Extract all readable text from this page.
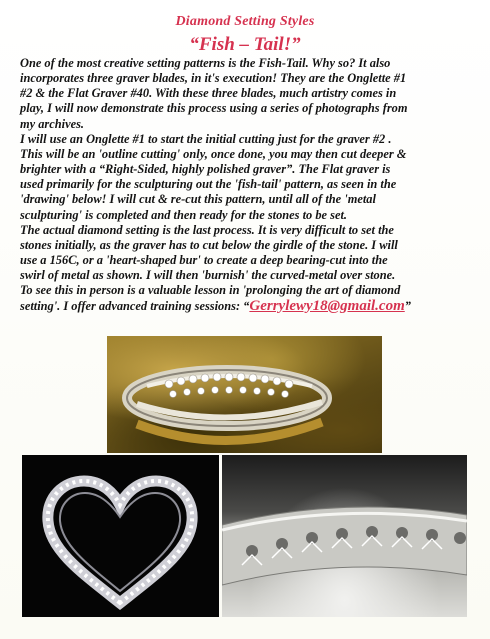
Diamond Setting Styles
“Fish – Tail!”
One of the most creative setting patterns is the Fish-Tail. Why so? It also
incorporates three graver blades, in it's execution! They are the Onglette #1
#2 & the Flat Graver #40. With these three blades, much artistry comes in
play, I will now demonstrate this process using a series of photographs from
my archives.
I will use an Onglette #1 to start the initial cutting just for the graver #2 .
This will be an 'outline cutting' only, once done, you may then cut deeper &
brighter with a “Right-Sided, highly polished graver”. The Flat graver is
used primarily for the sculpturing out the 'fish-tail' pattern, as seen in the
'drawing' below! I will cut & re-cut this pattern, until all of the 'metal
sculpturing' is completed and then ready for the stones to be set.
The actual diamond setting is the last process. It is very difficult to set the
stones initially, as the graver has to cut below the girdle of the stone. I will
use a 156C, or a 'heart-shaped bur' to create a deep bearing-cut into the
swirl of metal as shown. I will then 'burnish' the curved-metal over stone.
To see this in person is a valuable lesson in 'prolonging the art of diamond
setting'. I offer advanced training sessions: “Gerrylewy18@gmail.com”
